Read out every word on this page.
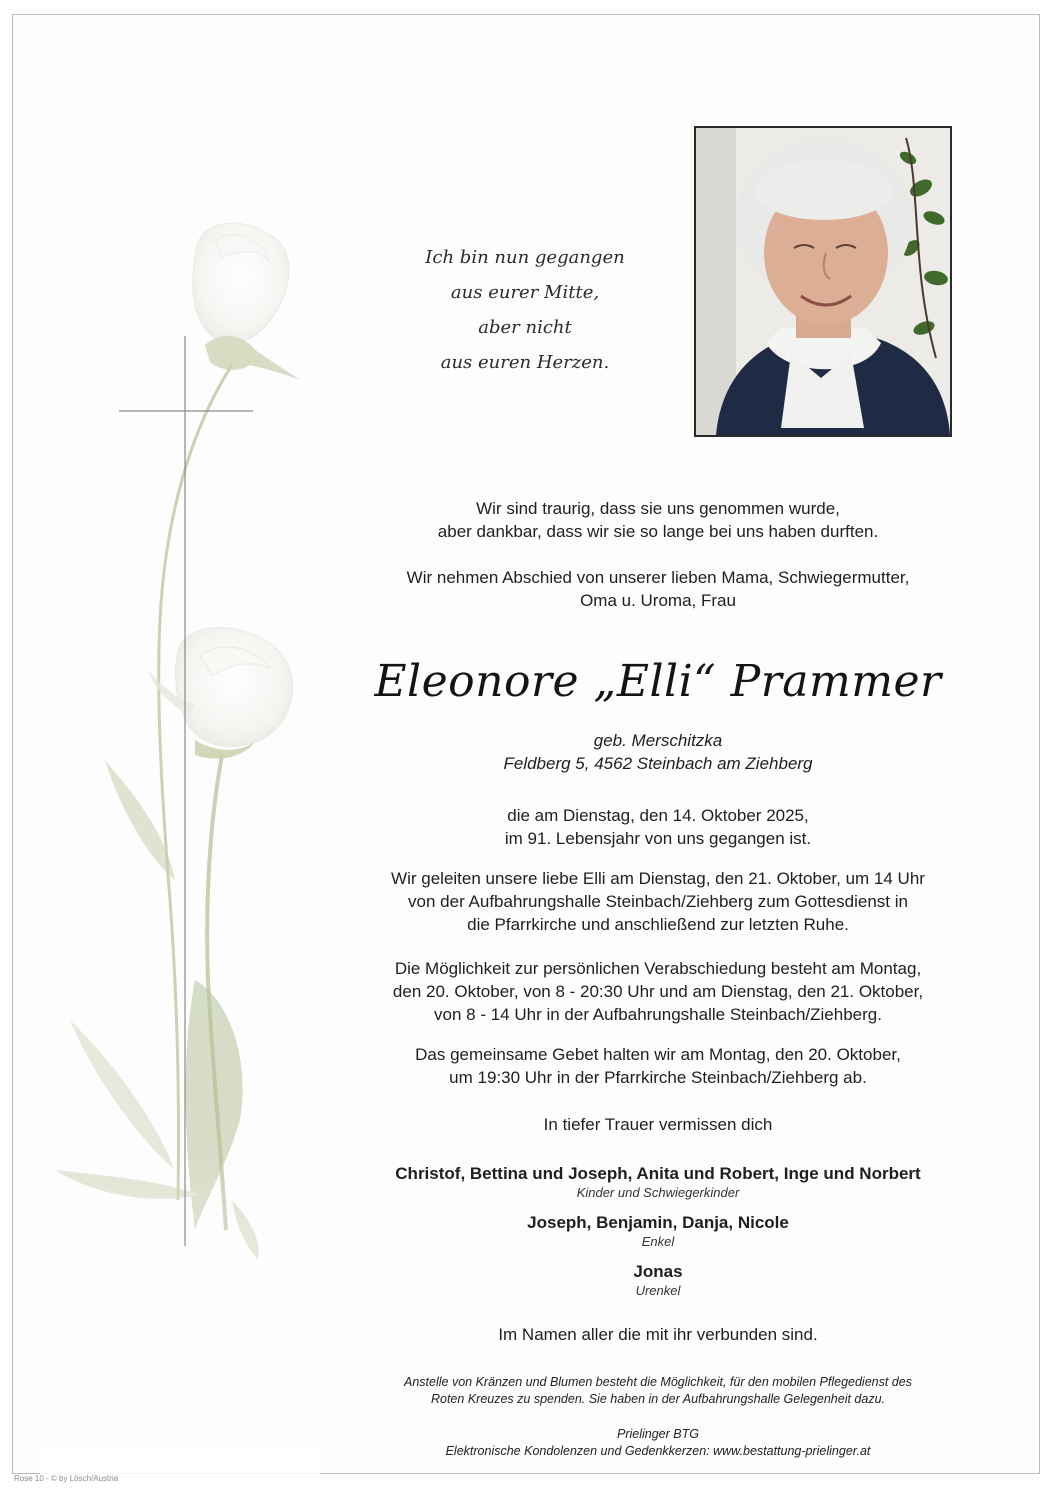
Ich bin nun gegangen
aus eurer Mitte,
aber nicht
aus euren Herzen.
Wir sind traurig, dass sie uns genommen wurde,
aber dankbar, dass wir sie so lange bei uns haben durften.
Wir nehmen Abschied von unserer lieben Mama, Schwiegermutter,
Oma u. Uroma, Frau
Eleonore „Elli“ Prammer
geb. Merschitzka
Feldberg 5, 4562 Steinbach am Ziehberg
die am Dienstag, den 14. Oktober 2025,
im 91. Lebensjahr von uns gegangen ist.
Wir geleiten unsere liebe Elli am Dienstag, den 21. Oktober, um 14 Uhr
von der Aufbahrungshalle Steinbach/Ziehberg zum Gottesdienst in
die Pfarrkirche und anschließend zur letzten Ruhe.
Die Möglichkeit zur persönlichen Verabschiedung besteht am Montag,
den 20. Oktober, von 8 - 20:30 Uhr und am Dienstag, den 21. Oktober,
von 8 - 14 Uhr in der Aufbahrungshalle Steinbach/Ziehberg.
Das gemeinsame Gebet halten wir am Montag, den 20. Oktober,
um 19:30 Uhr in der Pfarrkirche Steinbach/Ziehberg ab.
In tiefer Trauer vermissen dich
Christof, Bettina und Joseph, Anita und Robert, Inge und Norbert
Kinder und Schwiegerkinder
Joseph, Benjamin, Danja, Nicole
Enkel
Jonas
Urenkel
Im Namen aller die mit ihr verbunden sind.
Anstelle von Kränzen und Blumen besteht die Möglichkeit, für den mobilen Pflegedienst des
Roten Kreuzes zu spenden. Sie haben in der Aufbahrungshalle Gelegenheit dazu.
Prielinger BTG
Elektronische Kondolenzen und Gedenkkerzen: www.bestattung-prielinger.at
Rose 10 - © by Lösch/Austria
